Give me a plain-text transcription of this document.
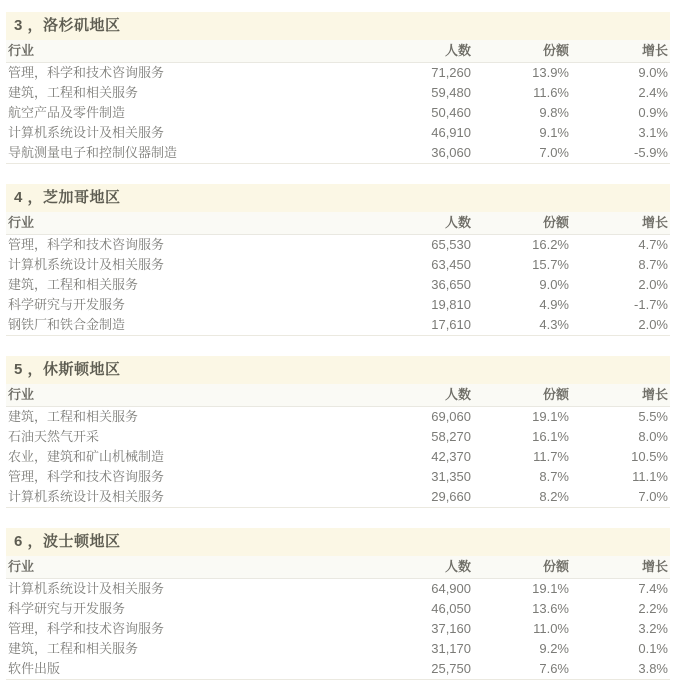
3 ，洛杉矶地区
行业	人数	份额	增长
管理，科学和技术咨询服务	71,260	13.9%	9.0%
建筑，工程和相关服务	59,480	11.6%	2.4%
航空产品及零件制造	50,460	9.8%	0.9%
计算机系统设计及相关服务	46,910	9.1%	3.1%
导航测量电子和控制仪器制造	36,060	7.0%	-5.9%
4 ，芝加哥地区
行业	人数	份额	增长
管理，科学和技术咨询服务	65,530	16.2%	4.7%
计算机系统设计及相关服务	63,450	15.7%	8.7%
建筑，工程和相关服务	36,650	9.0%	2.0%
科学研究与开发服务	19,810	4.9%	-1.7%
钢铁厂和铁合金制造	17,610	4.3%	2.0%
5 ，休斯顿地区
行业	人数	份额	增长
建筑，工程和相关服务	69,060	19.1%	5.5%
石油天然气开采	58,270	16.1%	8.0%
农业，建筑和矿山机械制造	42,370	11.7%	10.5%
管理，科学和技术咨询服务	31,350	8.7%	11.1%
计算机系统设计及相关服务	29,660	8.2%	7.0%
6 ，波士顿地区
行业	人数	份额	增长
计算机系统设计及相关服务	64,900	19.1%	7.4%
科学研究与开发服务	46,050	13.6%	2.2%
管理，科学和技术咨询服务	37,160	11.0%	3.2%
建筑，工程和相关服务	31,170	9.2%	0.1%
软件出版	25,750	7.6%	3.8%
